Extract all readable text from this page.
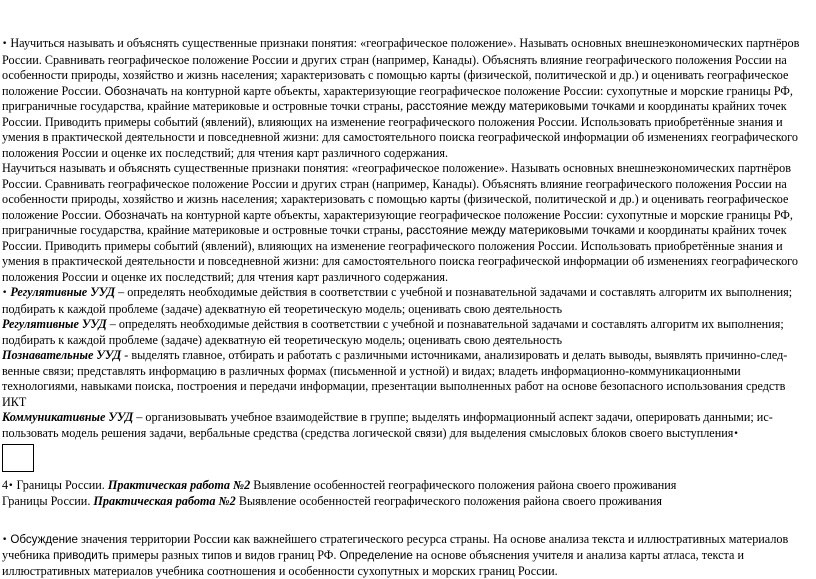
• Научиться называть и объяснять существенные признаки понятия: «географическое положение». Называть основных внешнеэкономических партнёров России. Сравнивать географическое положение России и других стран (например, Канады). Объяснять влияние географического положения России на особенности природы, хозяйство и жизнь населения; характеризовать с помощью карты (физической, политической и др.) и оценивать географическое положение России. Обозначать на контурной карте объекты, характеризующие географическое положение России: сухопутные и морские границы РФ, приграничные государства, крайние материковые и островные точки страны, расстояние между материковыми точками и координаты крайних точек России. Приводить примеры событий (явлений), влияющих на изменение географического положения России. Использовать приобретённые знания и умения в практической деятельности и повседневной жизни: для самостоятельного поиска географической информации об изменениях географического положения России и оценке их последствий; для чтения карт различного содержания.

Научиться называть и объяснять существенные признаки понятия: «географическое положение». Называть основных внешнеэкономических партнёров России. Сравнивать географическое положение России и других стран (например, Канады). Объяснять влияние географического положения России на особенности природы, хозяйство и жизнь населения; характеризовать с помощью карты (физической, политической и др.) и оценивать географическое положение России. Обозначать на контурной карте объекты, характеризующие географическое положение России: сухопутные и морские границы РФ, приграничные государства, крайние материковые и островные точки страны, расстояние между материковыми точками и координаты крайних точек России. Приводить примеры событий (явлений), влияющих на изменение географического положения России. Использовать приобретённые знания и умения в практической деятельности и повседневной жизни: для самостоятельного поиска географической информации об изменениях географического положения России и оценке их последствий; для чтения карт различного содержания.

• Регулятивные УУД – определять необходимые действия в соответствии с учебной и познавательной задачами и составлять алгоритм их выполнения; подбирать к каждой проблеме (задаче) адекватную ей теоретическую модель; оценивать свою деятельность

Регулятивные УУД – определять необходимые действия в соответствии с учебной и познавательной задачами и составлять алгоритм их выполнения; подбирать к каждой проблеме (задаче) адекватную ей теоретическую модель; оценивать свою деятельность

Познавательные УУД - выделять главное, отбирать и работать с различными источниками, анализировать и делать выводы, выявлять причинно-след-венные связи; представлять информацию в различных формах (письменной и устной) и видах; владеть информационно-коммуникационными технологиями, навыками поиска, построения и передачи информации, презентации выполненных работ на основе безопасного использования средств ИКТ

Коммуникативные УУД – организовывать учебное взаимодействие в группе; выделять информационный аспект задачи, оперировать данными; ис-пользовать модель решения задачи, вербальные средства (средства логической связи) для выделения смысловых блоков своего выступления•

4• Границы России. Практическая работа №2 Выявление особенностей географического положения района своего проживания

Границы России. Практическая работа №2 Выявление особенностей географического положения района своего проживания

• Обсуждение значения территории России как важнейшего стратегического ресурса страны. На основе анализа текста и иллюстративных материалов учебника приводить примеры разных типов и видов границ РФ. Определение на основе объяснения учителя и анализа карты атласа, текста и иллюстративных материалов учебника соотношения и особенности сухопутных и морских границ России.
